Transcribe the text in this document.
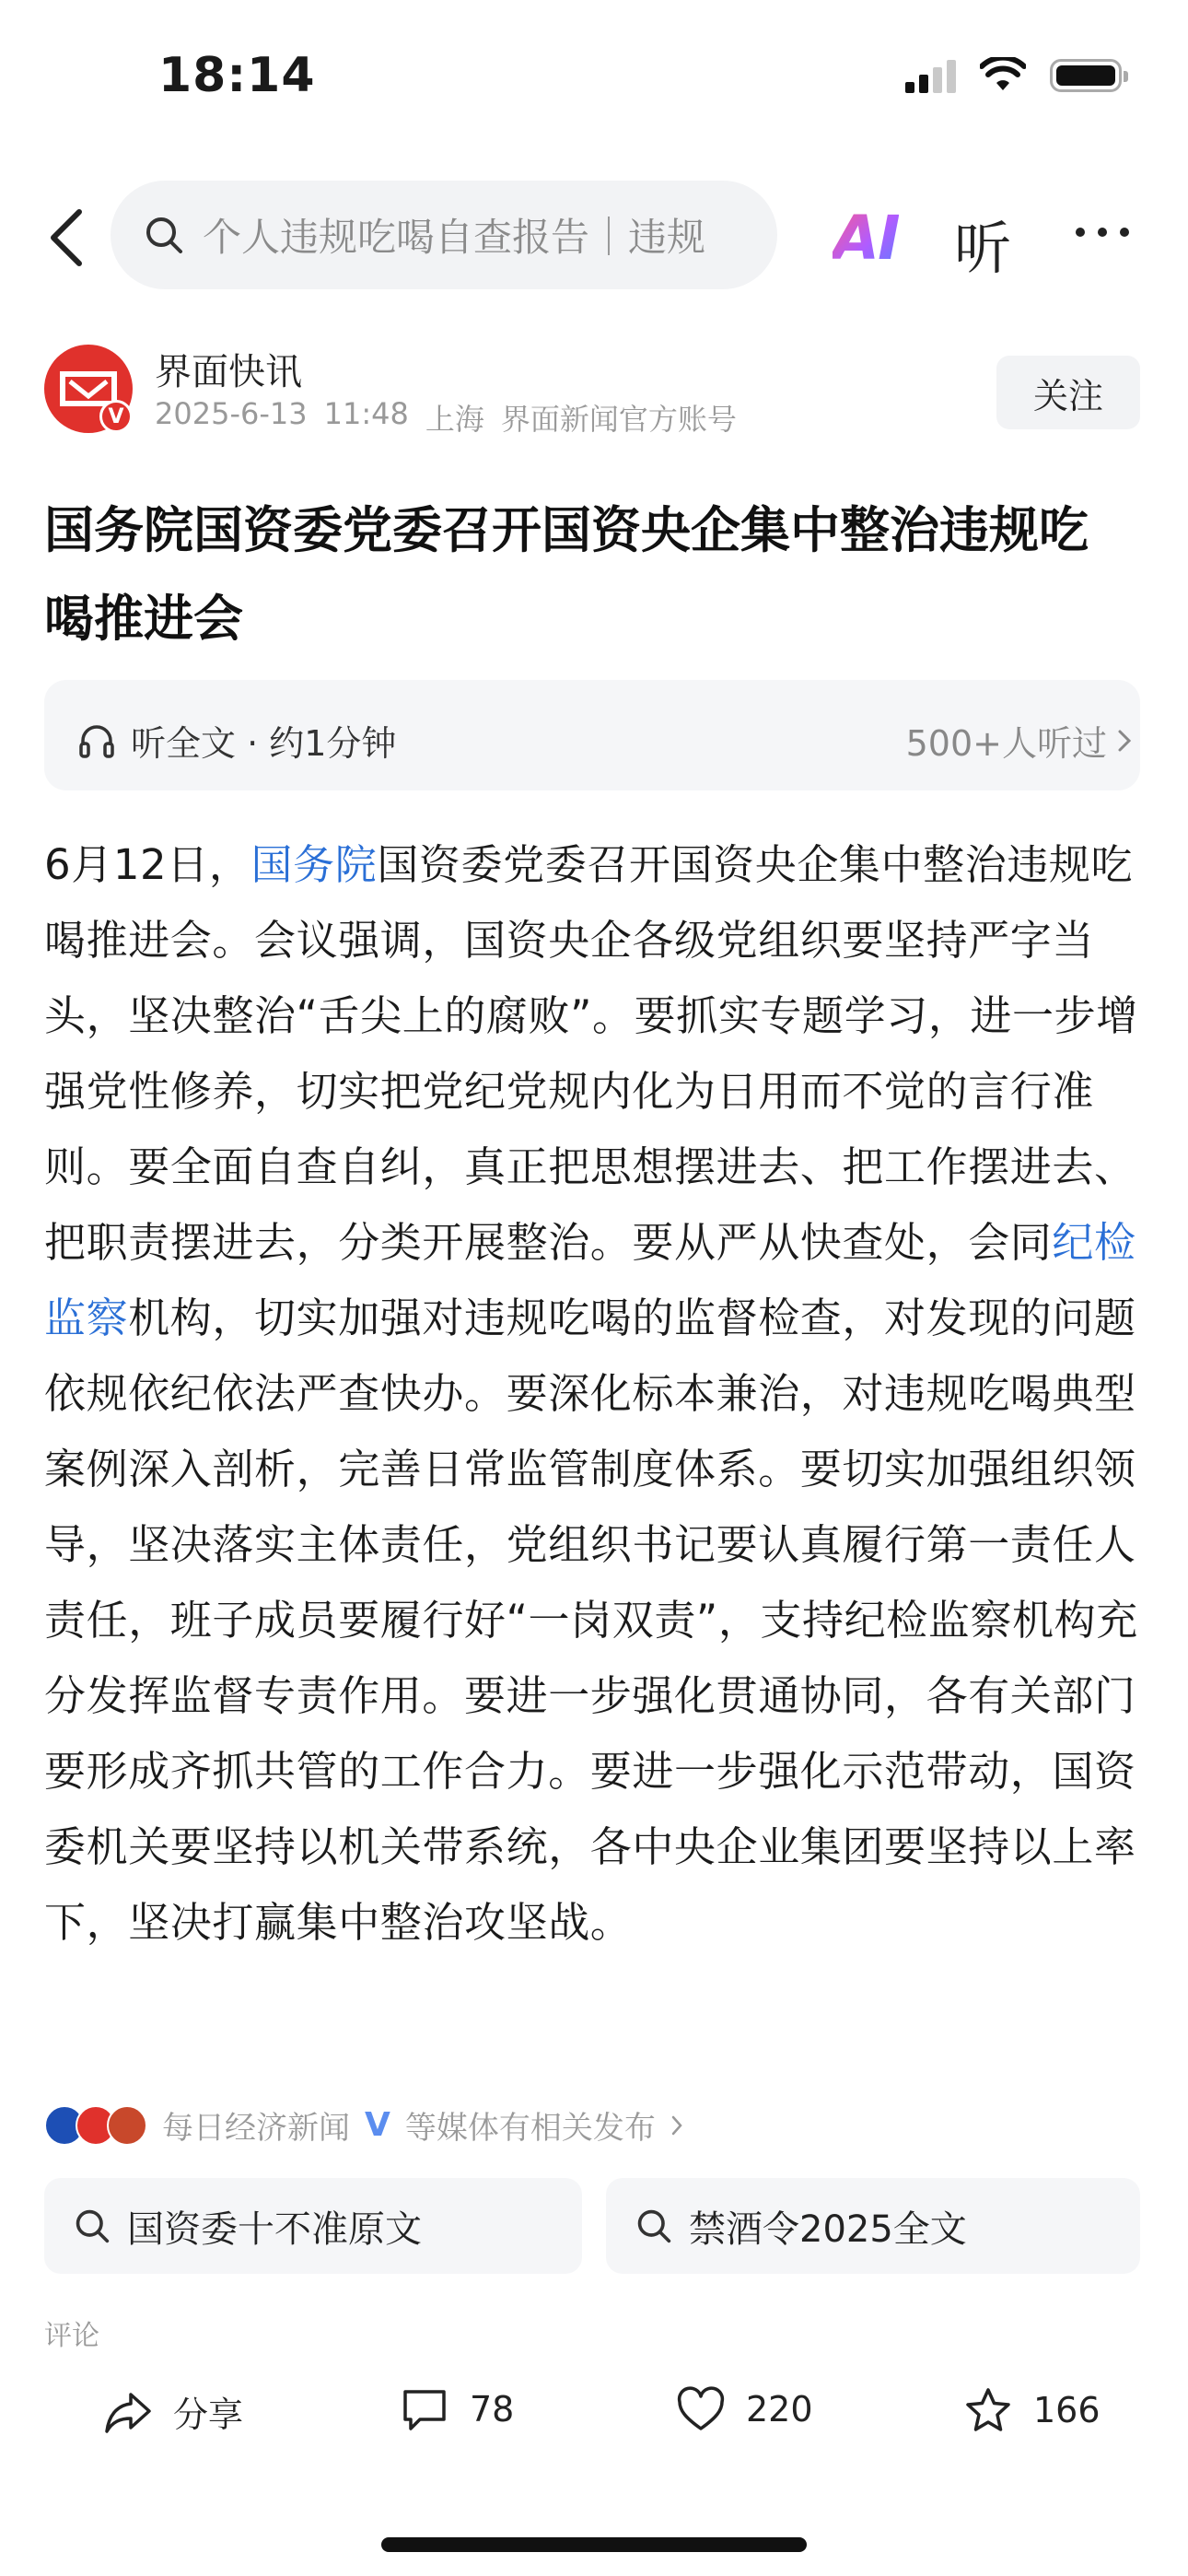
18:14
个人违规吃喝自查报告｜违规 AI 听
V
界面快讯
2025-6-13 11:48 上海 界面新闻官方账号
关注
国务院国资委党委召开国资央企集中整治违规吃喝推进会
听全文 · 约1分钟	500+人听过
6月12日，国务院国资委党委召开国资央企集中整治违规吃喝推进会。会议强调，国资央企各级党组织要坚持严字当头，坚决整治“舌尖上的腐败”。要抓实专题学习，进一步增强党性修养，切实把党纪党规内化为日用而不觉的言行准则。要全面自查自纠，真正把思想摆进去、把工作摆进去、把职责摆进去，分类开展整治。要从严从快查处，会同纪检监察机构，切实加强对违规吃喝的监督检查，对发现的问题依规依纪依法严查快办。要深化标本兼治，对违规吃喝典型案例深入剖析，完善日常监管制度体系。要切实加强组织领导，坚决落实主体责任，党组织书记要认真履行第一责任人责任，班子成员要履行好“一岗双责”，支持纪检监察机构充分发挥监督专责作用。要进一步强化贯通协同，各有关部门要形成齐抓共管的工作合力。要进一步强化示范带动，国资委机关要坚持以机关带系统，各中央企业集团要坚持以上率下，坚决打赢集中整治攻坚战。
每日经济新闻 V 等媒体有相关发布
国资委十不准原文	禁酒令2025全文
评论
分享	78	220	166
